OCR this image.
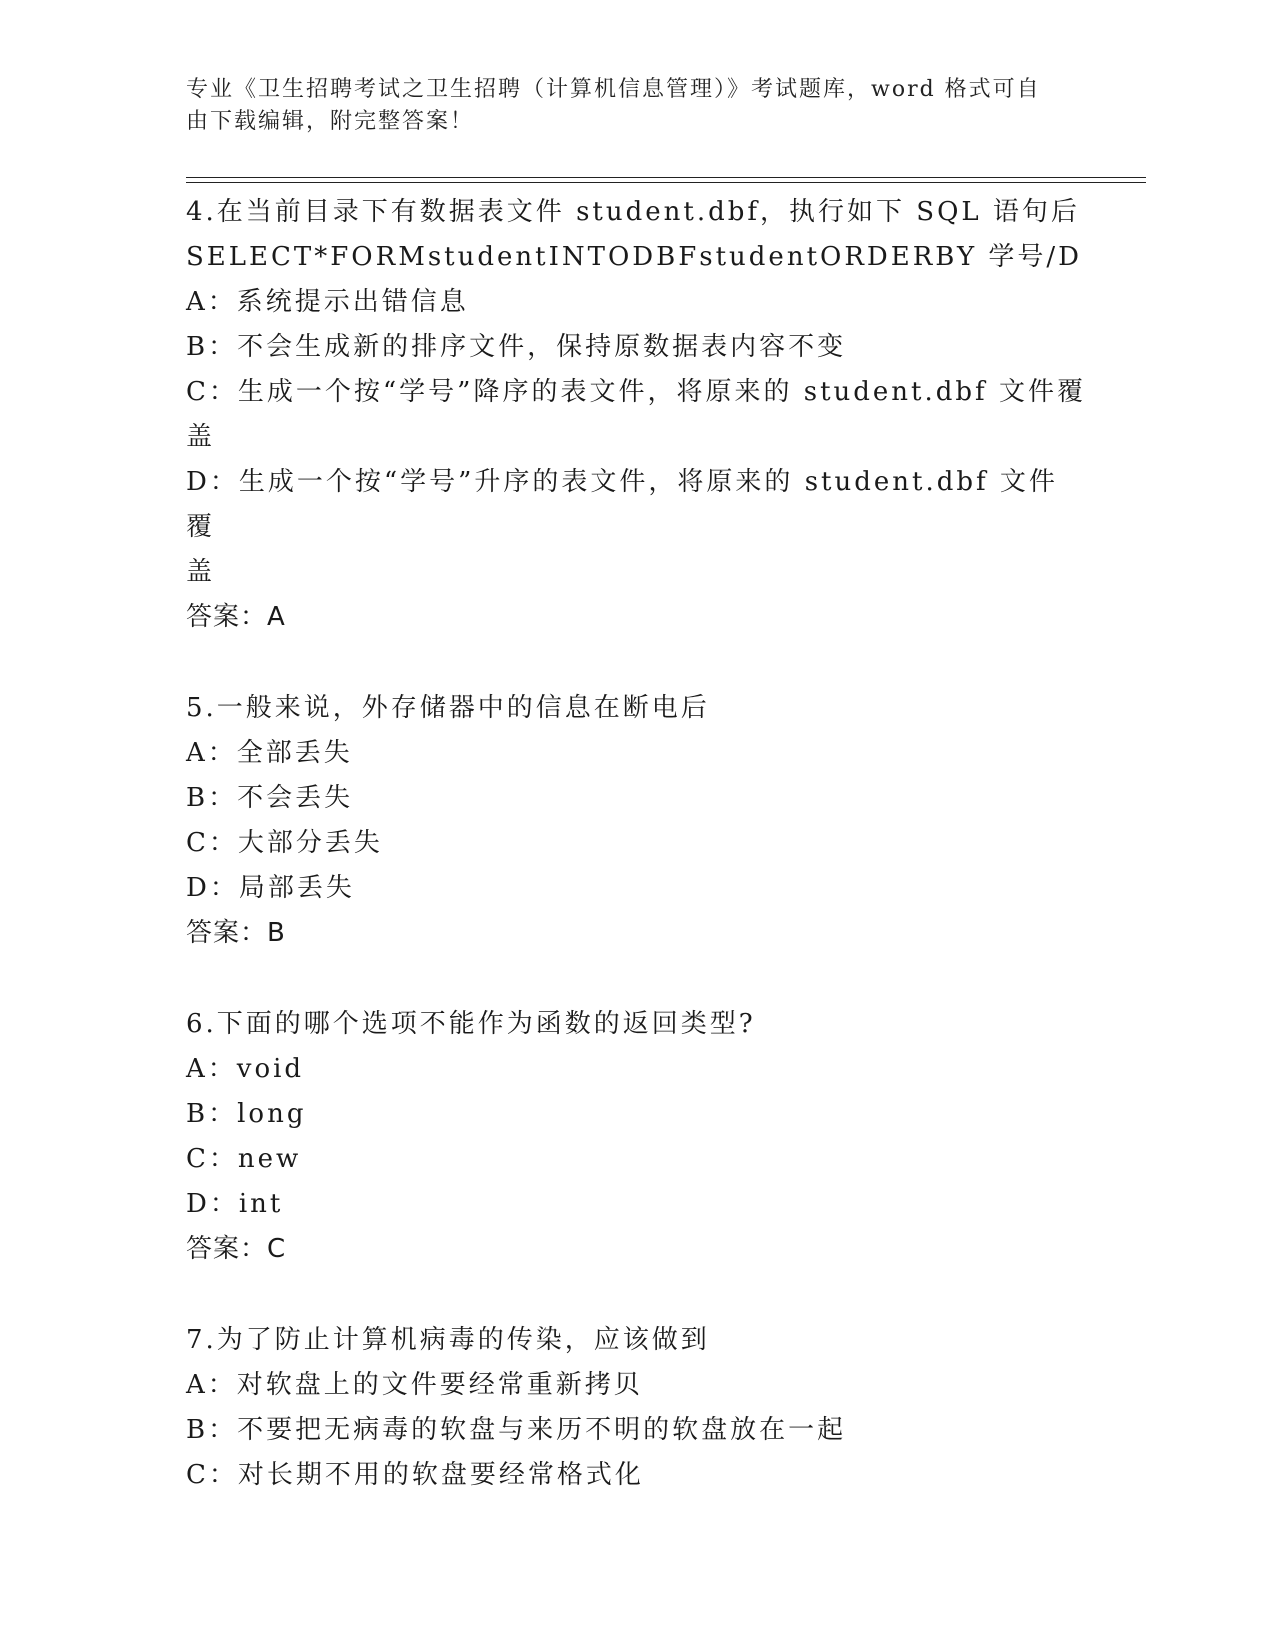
专业《卫生招聘考试之卫生招聘（计算机信息管理）》考试题库，word 格式可自
由下载编辑，附完整答案！
4.在当前目录下有数据表文件 student.dbf，执行如下 SQL 语句后
SELECT*FORMstudentINTODBFstudentORDERBY 学号/D
A：系统提示出错信息
B：不会生成新的排序文件，保持原数据表内容不变
C：生成一个按“学号”降序的表文件，将原来的 student.dbf 文件覆
盖
D：生成一个按“学号”升序的表文件，将原来的 student.dbf 文件覆
盖
答案：A
5.一般来说，外存储器中的信息在断电后
A：全部丢失
B：不会丢失
C：大部分丢失
D：局部丢失
答案：B
6.下面的哪个选项不能作为函数的返回类型?
A：void
B：long
C：new
D：int
答案：C
7.为了防止计算机病毒的传染，应该做到
A：对软盘上的文件要经常重新拷贝
B：不要把无病毒的软盘与来历不明的软盘放在一起
C：对长期不用的软盘要经常格式化
